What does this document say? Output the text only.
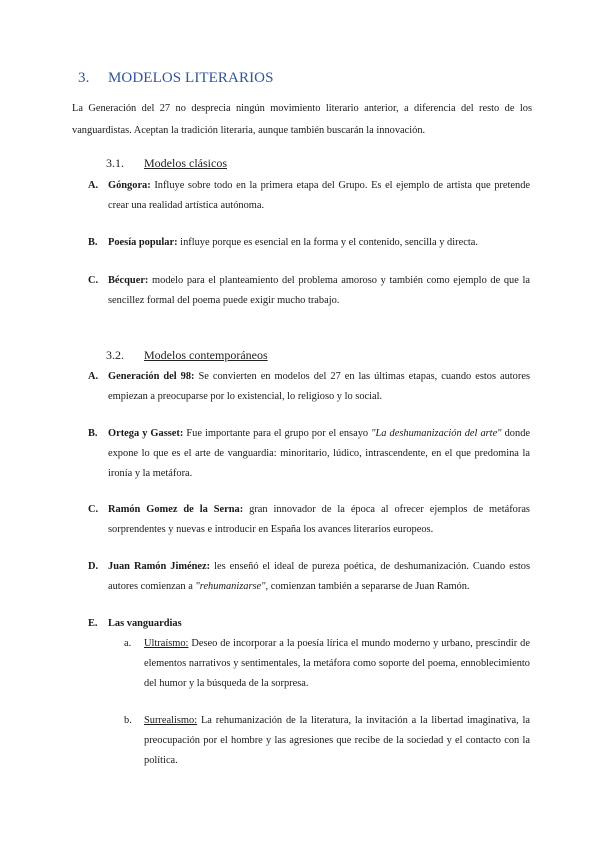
3. MODELOS LITERARIOS
La Generación del 27 no desprecia ningún movimiento literario anterior, a diferencia del resto de los vanguardistas. Aceptan la tradición literaria, aunque también buscarán la innovación.
3.1. Modelos clásicos
A. Góngora: Influye sobre todo en la primera etapa del Grupo. Es el ejemplo de artista que pretende crear una realidad artística autónoma.
B. Poesía popular: influye porque es esencial en la forma y el contenido, sencilla y directa.
C. Bécquer: modelo para el planteamiento del problema amoroso y también como ejemplo de que la sencillez formal del poema puede exigir mucho trabajo.
3.2. Modelos contemporáneos
A. Generación del 98: Se convierten en modelos del 27 en las últimas etapas, cuando estos autores empiezan a preocuparse por lo existencial, lo religioso y lo social.
B. Ortega y Gasset: Fue importante para el grupo por el ensayo "La deshumanización del arte" donde expone lo que es el arte de vanguardia: minoritario, lúdico, intrascendente, en el que predomina la ironía y la metáfora.
C. Ramón Gomez de la Serna: gran innovador de la época al ofrecer ejemplos de metáforas sorprendentes y nuevas e introducir en España los avances literarios europeos.
D. Juan Ramón Jiménez: les enseñó el ideal de pureza poética, de deshumanización. Cuando estos autores comienzan a "rehumanizarse", comienzan también a separarse de Juan Ramón.
E. Las vanguardias
a. Ultraísmo: Deseo de incorporar a la poesía lírica el mundo moderno y urbano, prescindir de elementos narrativos y sentimentales, la metáfora como soporte del poema, ennoblecimiento del humor y la búsqueda de la sorpresa.
b. Surrealismo: La rehumanización de la literatura, la invitación a la libertad imaginativa, la preocupación por el hombre y las agresiones que recibe de la sociedad y el contacto con la política.
